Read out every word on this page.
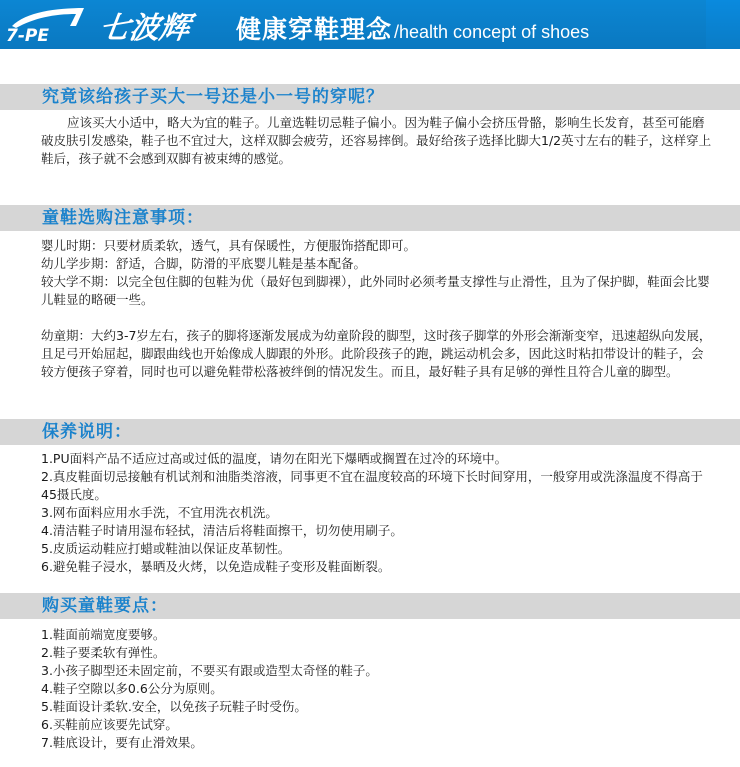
7-PE 七波辉 健康穿鞋理念 /health concept of shoes
究竟该给孩子买大一号还是小一号的穿呢？

应该买大小适中，略大为宜的鞋子。儿童选鞋切忌鞋子偏小。因为鞋子偏小会挤压骨骼，影响生长发育，甚至可能磨破皮肤引发感染，鞋子也不宜过大，这样双脚会疲劳，还容易摔倒。最好给孩子选择比脚大1/2英寸左右的鞋子，这样穿上鞋后，孩子就不会感到双脚有被束缚的感觉。

童鞋选购注意事项：

婴儿时期：只要材质柔软，透气，具有保暖性，方便服饰搭配即可。

幼儿学步期：舒适，合脚，防滑的平底婴儿鞋是基本配备。

较大学不期：以完全包住脚的包鞋为优（最好包到脚裸），此外同时必须考量支撑性与止滑性，且为了保护脚，鞋面会比婴儿鞋显的略硬一些。

幼童期：大约3-7岁左右，孩子的脚将逐渐发展成为幼童阶段的脚型，这时孩子脚掌的外形会渐渐变窄，迅速超纵向发展，且足弓开始屈起，脚跟曲线也开始像成人脚跟的外形。此阶段孩子的跑，跳运动机会多，因此这时粘扣带设计的鞋子，会较方便孩子穿着，同时也可以避免鞋带松落被绊倒的情况发生。而且，最好鞋子具有足够的弹性且符合儿童的脚型。

保养说明：

1.PU面料产品不适应过高或过低的温度，请勿在阳光下爆晒或搁置在过冷的环境中。

2.真皮鞋面切忌接触有机试剂和油脂类溶液，同事更不宜在温度较高的环境下长时间穿用，一般穿用或洗涤温度不得高于45摄氏度。

3.网布面料应用水手洗，不宜用洗衣机洗。

4.清洁鞋子时请用湿布轻拭，清洁后将鞋面擦干，切勿使用刷子。

5.皮质运动鞋应打蜡或鞋油以保证皮革韧性。

6.避免鞋子浸水，暴晒及火烤，以免造成鞋子变形及鞋面断裂。

购买童鞋要点：

1.鞋面前端宽度要够。

2.鞋子要柔软有弹性。

3.小孩子脚型还未固定前，不要买有跟或造型太奇怪的鞋子。

4.鞋子空隙以多0.6公分为原则。

5.鞋面设计柔软.安全，以免孩子玩鞋子时受伤。

6.买鞋前应该要先试穿。

7.鞋底设计，要有止滑效果。
